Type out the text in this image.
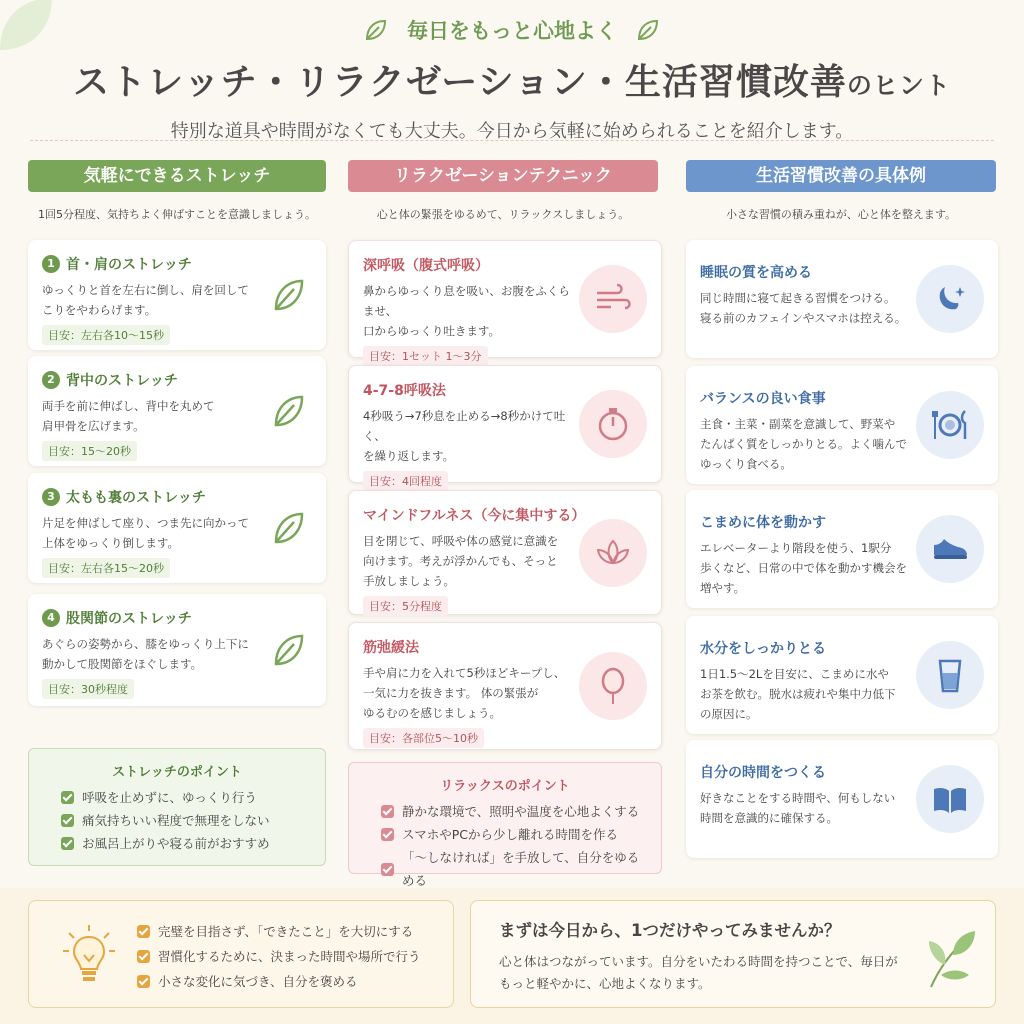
毎日をもっと心地よく
ストレッチ・リラクゼーション・生活習慣改善のヒント
特別な道具や時間がなくても大丈夫。今日から気軽に始められることを紹介します。
気軽にできるストレッチ
1回5分程度、気持ちよく伸ばすことを意識しましょう。
1 首・肩のストレッチ
ゆっくりと首を左右に倒し、肩を回して
こりをやわらげます。
目安：左右各10〜15秒
2 背中のストレッチ
両手を前に伸ばし、背中を丸めて
肩甲骨を広げます。
目安：15〜20秒
3 太もも裏のストレッチ
片足を伸ばして座り、つま先に向かって
上体をゆっくり倒します。
目安：左右各15〜20秒
4 股関節のストレッチ
あぐらの姿勢から、膝をゆっくり上下に
動かして股関節をほぐします。
目安：30秒程度
ストレッチのポイント
呼吸を止めずに、ゆっくり行う
痛気持ちいい程度で無理をしない
お風呂上がりや寝る前がおすすめ
リラクゼーションテクニック
心と体の緊張をゆるめて、リラックスしましょう。
深呼吸（腹式呼吸）
鼻からゆっくり息を吸い、お腹をふくらませ、
口からゆっくり吐きます。
目安：1セット 1〜3分
4-7-8呼吸法
4秒吸う→7秒息を止める→8秒かけて吐く、
を繰り返します。
目安：4回程度
マインドフルネス（今に集中する）
目を閉じて、呼吸や体の感覚に意識を
向けます。考えが浮かんでも、そっと
手放しましょう。
目安：5分程度
筋弛緩法
手や肩に力を入れて5秒ほどキープし、
一気に力を抜きます。 体の緊張が
ゆるむのを感じましょう。
目安：各部位5〜10秒
リラックスのポイント
静かな環境で、照明や温度を心地よくする
スマホやPCから少し離れる時間を作る
「〜しなければ」を手放して、自分をゆるめる
生活習慣改善の具体例
小さな習慣の積み重ねが、心と体を整えます。
睡眠の質を高める
同じ時間に寝て起きる習慣をつける。
寝る前のカフェインやスマホは控える。
バランスの良い食事
主食・主菜・副菜を意識して、野菜や
たんぱく質をしっかりとる。よく噛んで
ゆっくり食べる。
こまめに体を動かす
エレベーターより階段を使う、1駅分
歩くなど、日常の中で体を動かす機会を
増やす。
水分をしっかりとる
1日1.5〜2Lを目安に、こまめに水や
お茶を飲む。脱水は疲れや集中力低下
の原因に。
自分の時間をつくる
好きなことをする時間や、何もしない
時間を意識的に確保する。
完璧を目指さず、「できたこと」を大切にする
習慣化するために、決まった時間や場所で行う
小さな変化に気づき、自分を褒める
まずは今日から、1つだけやってみませんか？
心と体はつながっています。自分をいたわる時間を持つことで、毎日が
もっと軽やかに、心地よくなります。
